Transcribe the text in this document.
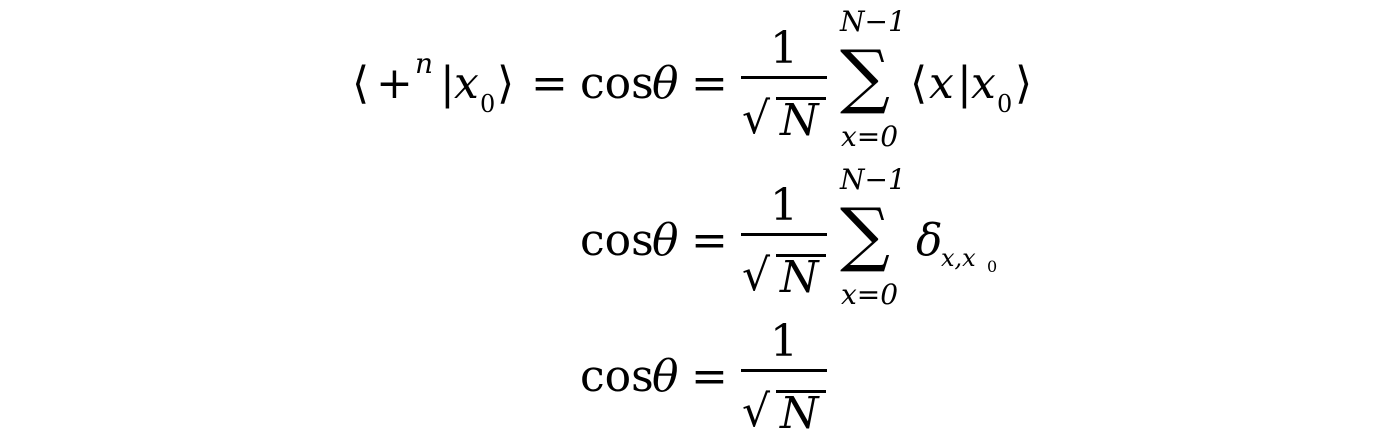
⟨ + n | x 0 ⟩ = cos
θ =
1
√ N
N−1
∑
x=0
⟨ x | x 0 ⟩
cos
θ =
1
√ N
N−1
∑
x=0
δ
x,x 0
cos
θ =
1
√ N
